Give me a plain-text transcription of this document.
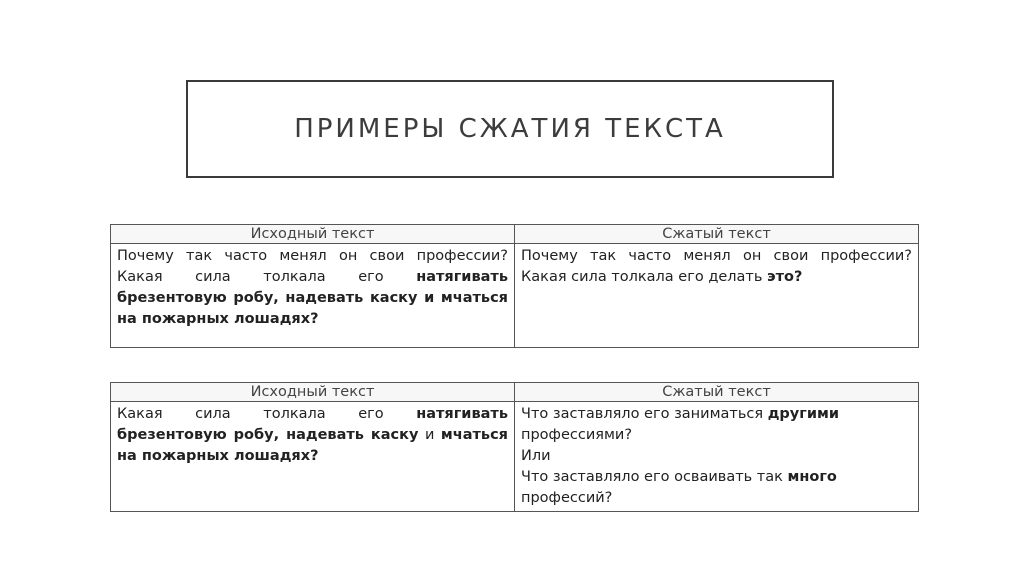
ПРИМЕРЫ СЖАТИЯ ТЕКСТА
Исходный текст	Сжатый текст
Почему так часто менял он свои профессии? Какая сила толкала его натягивать брезентовую робу, надевать каску и мчаться на пожарных лошадях?	Почему так часто менял он свои профессии? Какая сила толкала его делать это?
Исходный текст	Сжатый текст
Какая сила толкала его натягивать брезентовую робу, надевать каску и мчаться на пожарных лошадях?	Что заставляло его заниматься другими
профессиями?
Или
Что заставляло его осваивать так много
профессий?
